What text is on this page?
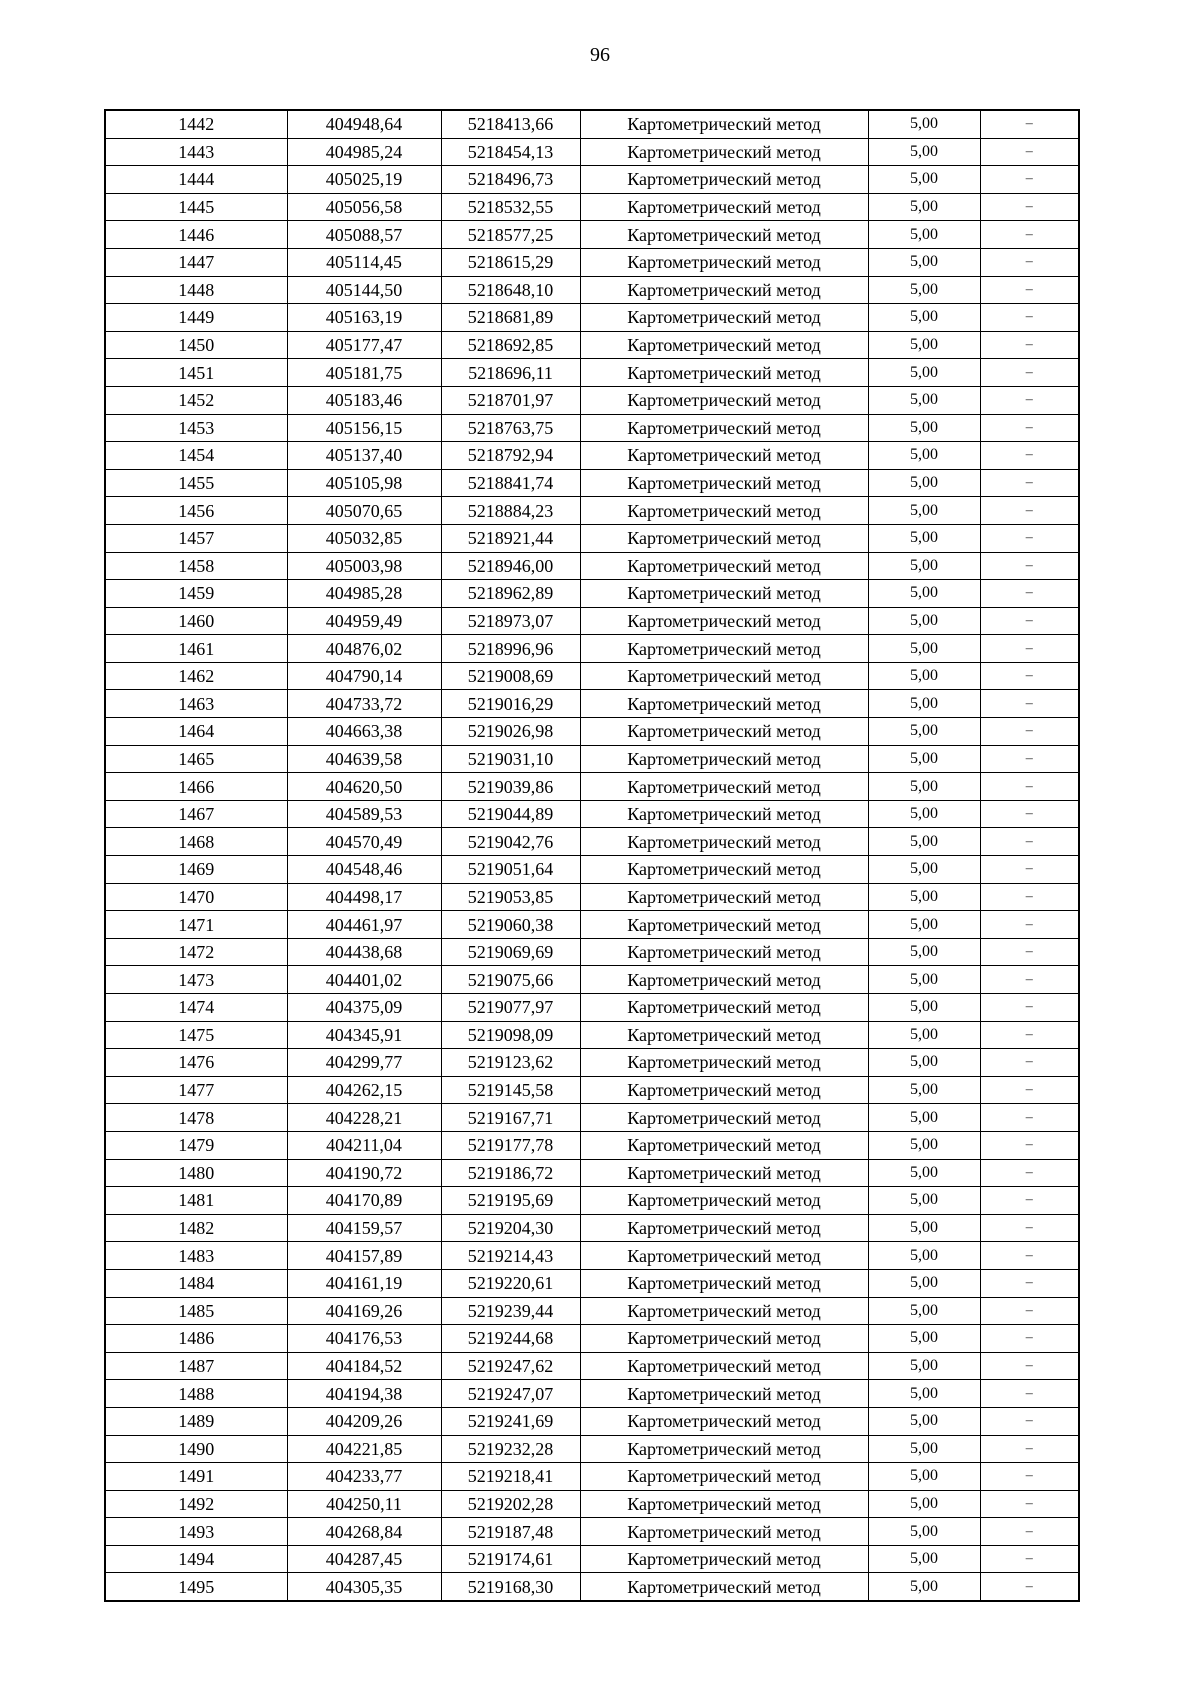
96
1442	404948,64	5218413,66	Картометрический метод	5,00	–
1443	404985,24	5218454,13	Картометрический метод	5,00	–
1444	405025,19	5218496,73	Картометрический метод	5,00	–
1445	405056,58	5218532,55	Картометрический метод	5,00	–
1446	405088,57	5218577,25	Картометрический метод	5,00	–
1447	405114,45	5218615,29	Картометрический метод	5,00	–
1448	405144,50	5218648,10	Картометрический метод	5,00	–
1449	405163,19	5218681,89	Картометрический метод	5,00	–
1450	405177,47	5218692,85	Картометрический метод	5,00	–
1451	405181,75	5218696,11	Картометрический метод	5,00	–
1452	405183,46	5218701,97	Картометрический метод	5,00	–
1453	405156,15	5218763,75	Картометрический метод	5,00	–
1454	405137,40	5218792,94	Картометрический метод	5,00	–
1455	405105,98	5218841,74	Картометрический метод	5,00	–
1456	405070,65	5218884,23	Картометрический метод	5,00	–
1457	405032,85	5218921,44	Картометрический метод	5,00	–
1458	405003,98	5218946,00	Картометрический метод	5,00	–
1459	404985,28	5218962,89	Картометрический метод	5,00	–
1460	404959,49	5218973,07	Картометрический метод	5,00	–
1461	404876,02	5218996,96	Картометрический метод	5,00	–
1462	404790,14	5219008,69	Картометрический метод	5,00	–
1463	404733,72	5219016,29	Картометрический метод	5,00	–
1464	404663,38	5219026,98	Картометрический метод	5,00	–
1465	404639,58	5219031,10	Картометрический метод	5,00	–
1466	404620,50	5219039,86	Картометрический метод	5,00	–
1467	404589,53	5219044,89	Картометрический метод	5,00	–
1468	404570,49	5219042,76	Картометрический метод	5,00	–
1469	404548,46	5219051,64	Картометрический метод	5,00	–
1470	404498,17	5219053,85	Картометрический метод	5,00	–
1471	404461,97	5219060,38	Картометрический метод	5,00	–
1472	404438,68	5219069,69	Картометрический метод	5,00	–
1473	404401,02	5219075,66	Картометрический метод	5,00	–
1474	404375,09	5219077,97	Картометрический метод	5,00	–
1475	404345,91	5219098,09	Картометрический метод	5,00	–
1476	404299,77	5219123,62	Картометрический метод	5,00	–
1477	404262,15	5219145,58	Картометрический метод	5,00	–
1478	404228,21	5219167,71	Картометрический метод	5,00	–
1479	404211,04	5219177,78	Картометрический метод	5,00	–
1480	404190,72	5219186,72	Картометрический метод	5,00	–
1481	404170,89	5219195,69	Картометрический метод	5,00	–
1482	404159,57	5219204,30	Картометрический метод	5,00	–
1483	404157,89	5219214,43	Картометрический метод	5,00	–
1484	404161,19	5219220,61	Картометрический метод	5,00	–
1485	404169,26	5219239,44	Картометрический метод	5,00	–
1486	404176,53	5219244,68	Картометрический метод	5,00	–
1487	404184,52	5219247,62	Картометрический метод	5,00	–
1488	404194,38	5219247,07	Картометрический метод	5,00	–
1489	404209,26	5219241,69	Картометрический метод	5,00	–
1490	404221,85	5219232,28	Картометрический метод	5,00	–
1491	404233,77	5219218,41	Картометрический метод	5,00	–
1492	404250,11	5219202,28	Картометрический метод	5,00	–
1493	404268,84	5219187,48	Картометрический метод	5,00	–
1494	404287,45	5219174,61	Картометрический метод	5,00	–
1495	404305,35	5219168,30	Картометрический метод	5,00	–
